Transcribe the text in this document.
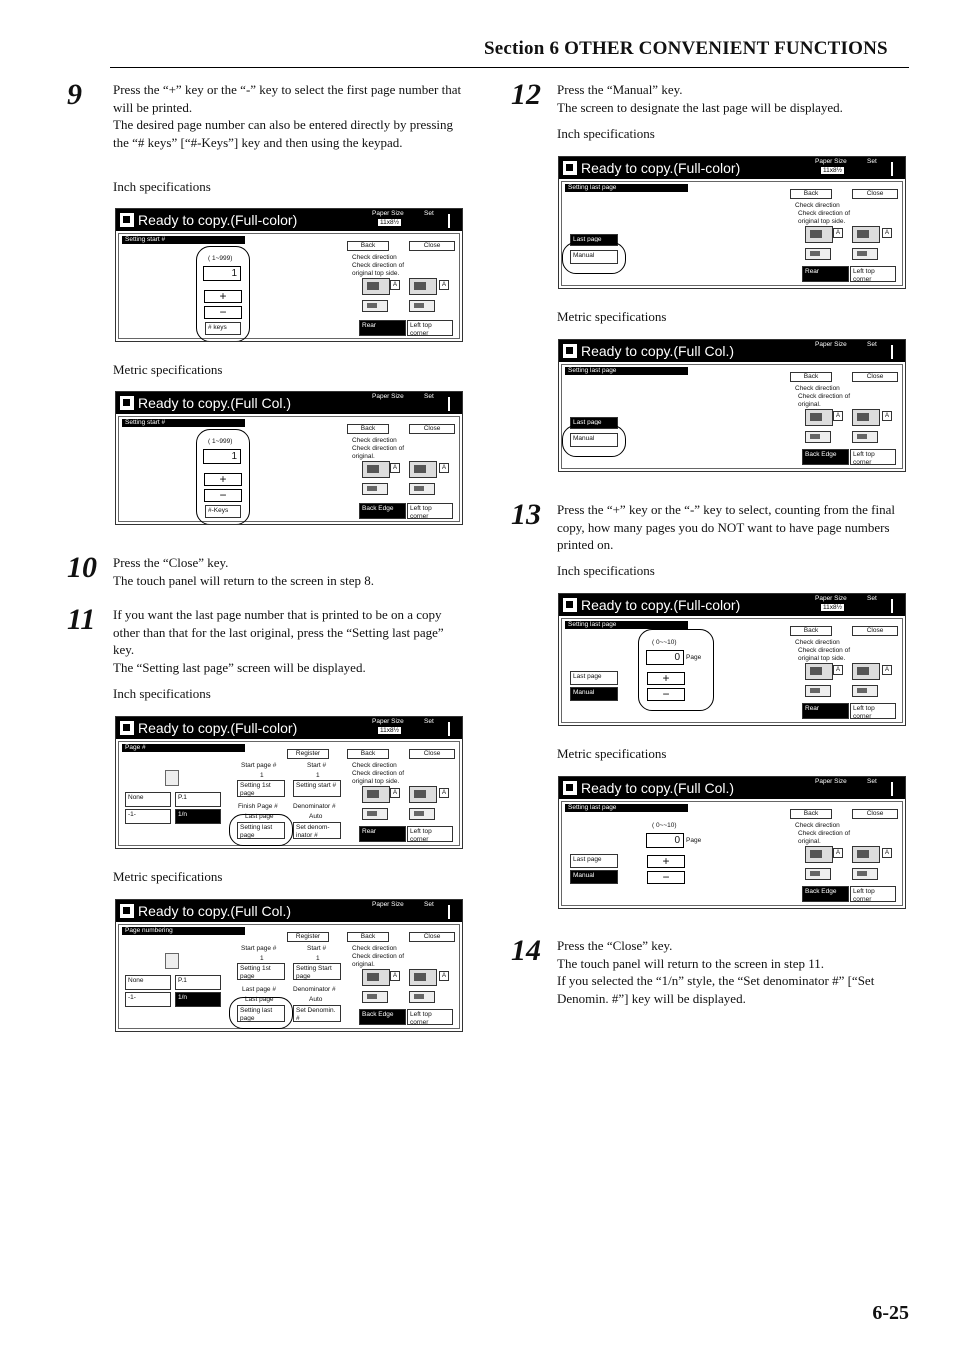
Section 6 OTHER CONVENIENT FUNCTIONS
9 Press the “+” key or the “-” key to select the first page number that will be printed.

The desired page number can also be entered directly by pressing the “# keys” [“#-Keys”] key and then using the keypad.

Inch specifications
Ready to copy.(Full-color)	Paper Size	Set
11x8½
Setting start #
Back	Close
( 1~999)
1
+
−
# keys
Check direction
Check direction of original top side.
A	A
Rear	Left top corner
Metric specifications
Ready to copy.(Full Col.)	Paper Size	Set
Setting start #
Back	Close
( 1~999)
1
+
−
#-Keys
Check direction
Check direction of original.
A	A
Back Edge	Left top corner
10 Press the “Close” key.

The touch panel will return to the screen in step 8.

11 If you want the last page number that is printed to be on a copy other than that for the last original, press the “Setting last page” key.

The “Setting last page” screen will be displayed.

Inch specifications
Ready to copy.(Full-color)	Paper Size	Set
11x8½
Page #
Register	Back	Close
None	P.1
-1-	1/n
Start page #	Start #
1	1
Setting 1st page
Setting start #
Finish Page # Denominator #
Last page	Auto
Setting last page
Set denom-inator #
Check direction
Check direction of original top side.
A	A
Rear	Left top corner
Metric specifications
Ready to copy.(Full Col.)	Paper Size	Set
Page numbering
Register	Back	Close
None	P.1
-1-	1/n
Start page #	Start #
1	1
Setting 1st page
Setting Start page
Last page #	Denominator #
Last page	Auto
Setting last page
Set Denomin. #
Check direction
Check direction of original.
A	A
Back Edge	Left top corner
12 Press the “Manual” key.

The screen to designate the last page will be displayed.

Inch specifications
Ready to copy.(Full-color)	Paper Size	Set
11x8½
Setting last page
Back	Close
Last page
Manual
Check direction
Check direction of original top side.
A	A
Rear	Left top corner
Metric specifications
Ready to copy.(Full Col.)	Paper Size	Set
Setting last page
Back	Close
Last page
Manual
Check direction
Check direction of original.
A	A
Back Edge	Left top corner
13 Press the “+” key or the “-” key to select, counting from the final copy, how many pages you do NOT want to have page numbers printed on.

Inch specifications
Ready to copy.(Full-color)	Paper Size	Set
11x8½
Setting last page
Back	Close
Last page
Manual
( 0~~10)
0 Page
+
−
Check direction
Check direction of original top side.
A	A
Rear	Left top corner
Metric specifications
Ready to copy.(Full Col.)	Paper Size	Set
Setting last page
Back	Close
Last page
Manual
( 0~~10)
0 Page
+
−
Check direction
Check direction of original.
A	A
Back Edge	Left top corner
14 Press the “Close” key.

The touch panel will return to the screen in step 11.

If you selected the “1/n” style, the “Set denominator #” [“Set Denomin. #”] key will be displayed.

6-25
